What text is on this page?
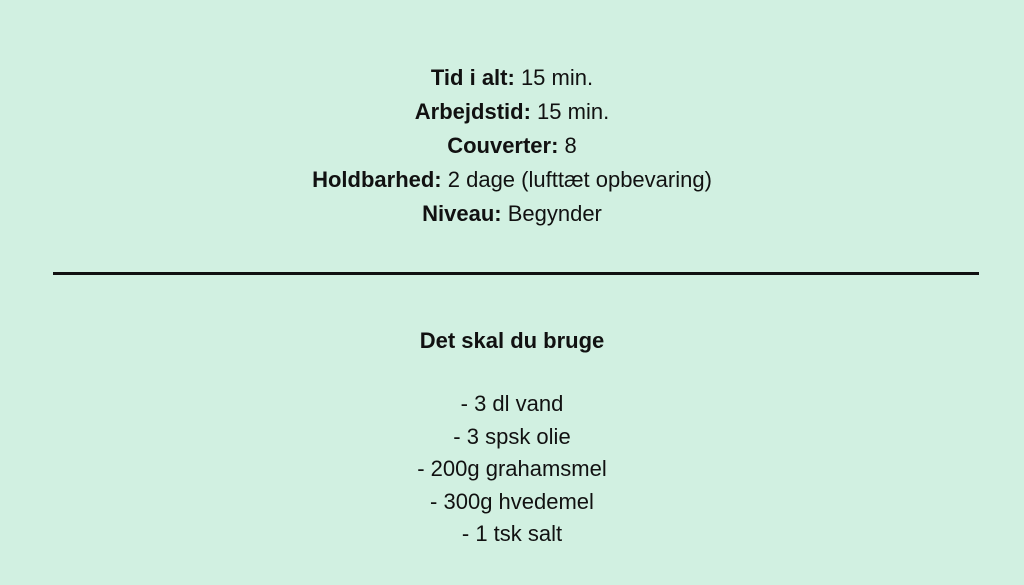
Tid i alt: 15 min.
Arbejdstid: 15 min.
Couverter: 8
Holdbarhed: 2 dage (lufttæt opbevaring)
Niveau: Begynder
Det skal du bruge
- 3 dl vand
- 3 spsk olie
- 200g grahamsmel
- 300g hvedemel
- 1 tsk salt
